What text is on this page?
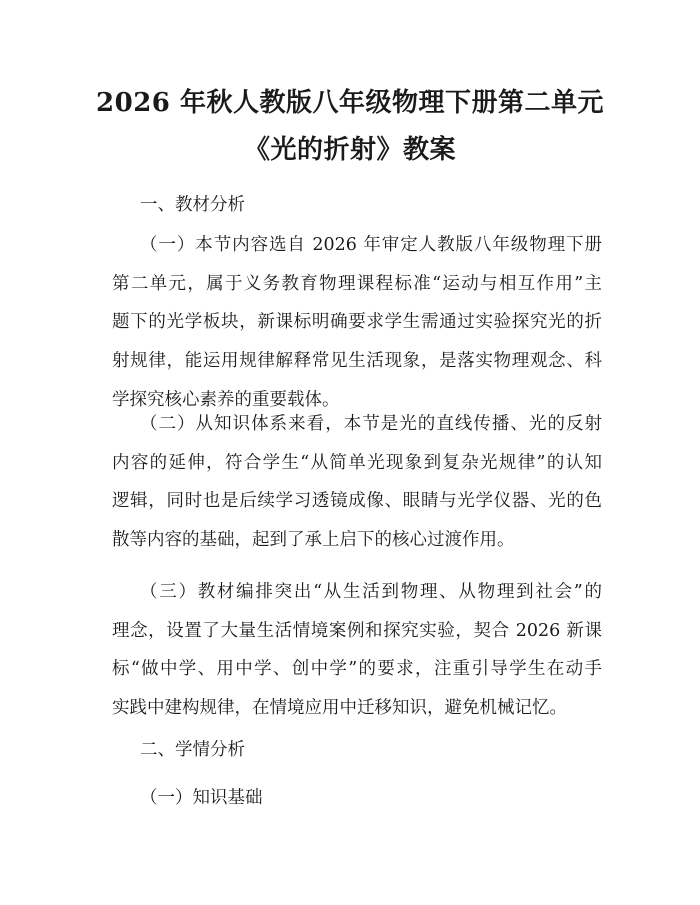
2026 年秋人教版八年级物理下册第二单元
《光的折射》教案
一、教材分析
（一）本节内容选自 2026 年审定人教版八年级物理下册
第二单元，属于义务教育物理课程标准“运动与相互作用”主
题下的光学板块，新课标明确要求学生需通过实验探究光的折
射规律，能运用规律解释常见生活现象，是落实物理观念、科
学探究核心素养的重要载体。
（二）从知识体系来看，本节是光的直线传播、光的反射
内容的延伸，符合学生“从简单光现象到复杂光规律”的认知
逻辑，同时也是后续学习透镜成像、眼睛与光学仪器、光的色
散等内容的基础，起到了承上启下的核心过渡作用。
（三）教材编排突出“从生活到物理、从物理到社会”的
理念，设置了大量生活情境案例和探究实验，契合 2026 新课
标“做中学、用中学、创中学”的要求，注重引导学生在动手
实践中建构规律，在情境应用中迁移知识，避免机械记忆。
二、学情分析
（一）知识基础
